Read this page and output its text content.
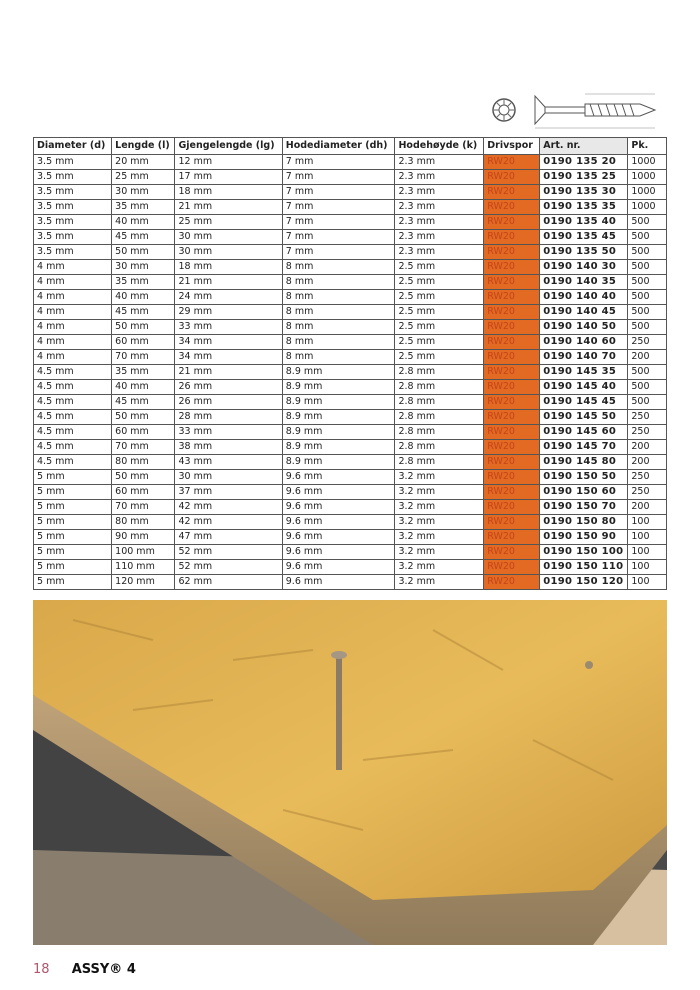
Diameter (d)	Lengde (l)	Gjengelengde (lg)	Hodediameter (dh)	Hodehøyde (k)	Drivspor	Art. nr.	Pk.
3.5 mm	20 mm	12 mm	7 mm	2.3 mm	RW20	0190 135 20	1000
3.5 mm	25 mm	17 mm	7 mm	2.3 mm	RW20	0190 135 25	1000
3.5 mm	30 mm	18 mm	7 mm	2.3 mm	RW20	0190 135 30	1000
3.5 mm	35 mm	21 mm	7 mm	2.3 mm	RW20	0190 135 35	1000
3.5 mm	40 mm	25 mm	7 mm	2.3 mm	RW20	0190 135 40	500
3.5 mm	45 mm	30 mm	7 mm	2.3 mm	RW20	0190 135 45	500
3.5 mm	50 mm	30 mm	7 mm	2.3 mm	RW20	0190 135 50	500
4 mm	30 mm	18 mm	8 mm	2.5 mm	RW20	0190 140 30	500
4 mm	35 mm	21 mm	8 mm	2.5 mm	RW20	0190 140 35	500
4 mm	40 mm	24 mm	8 mm	2.5 mm	RW20	0190 140 40	500
4 mm	45 mm	29 mm	8 mm	2.5 mm	RW20	0190 140 45	500
4 mm	50 mm	33 mm	8 mm	2.5 mm	RW20	0190 140 50	500
4 mm	60 mm	34 mm	8 mm	2.5 mm	RW20	0190 140 60	250
4 mm	70 mm	34 mm	8 mm	2.5 mm	RW20	0190 140 70	200
4.5 mm	35 mm	21 mm	8.9 mm	2.8 mm	RW20	0190 145 35	500
4.5 mm	40 mm	26 mm	8.9 mm	2.8 mm	RW20	0190 145 40	500
4.5 mm	45 mm	26 mm	8.9 mm	2.8 mm	RW20	0190 145 45	500
4.5 mm	50 mm	28 mm	8.9 mm	2.8 mm	RW20	0190 145 50	250
4.5 mm	60 mm	33 mm	8.9 mm	2.8 mm	RW20	0190 145 60	250
4.5 mm	70 mm	38 mm	8.9 mm	2.8 mm	RW20	0190 145 70	200
4.5 mm	80 mm	43 mm	8.9 mm	2.8 mm	RW20	0190 145 80	200
5 mm	50 mm	30 mm	9.6 mm	3.2 mm	RW20	0190 150 50	250
5 mm	60 mm	37 mm	9.6 mm	3.2 mm	RW20	0190 150 60	250
5 mm	70 mm	42 mm	9.6 mm	3.2 mm	RW20	0190 150 70	200
5 mm	80 mm	42 mm	9.6 mm	3.2 mm	RW20	0190 150 80	100
5 mm	90 mm	47 mm	9.6 mm	3.2 mm	RW20	0190 150 90	100
5 mm	100 mm	52 mm	9.6 mm	3.2 mm	RW20	0190 150 100	100
5 mm	110 mm	52 mm	9.6 mm	3.2 mm	RW20	0190 150 110	100
5 mm	120 mm	62 mm	9.6 mm	3.2 mm	RW20	0190 150 120	100
18 ASSY® 4
